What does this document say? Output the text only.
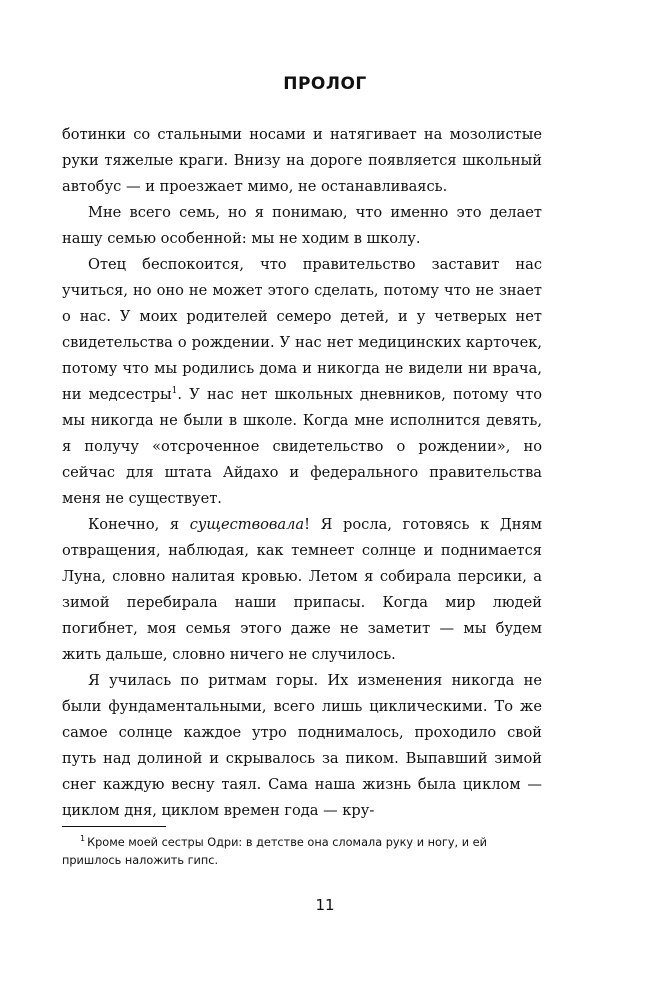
ПРОЛОГ

ботинки со стальными носами и натягивает на мозолистые руки тяжелые краги. Внизу на дороге появляется школьный автобус — и проезжает мимо, не останавливаясь.

Мне всего семь, но я понимаю, что именно это делает нашу семью особенной: мы не ходим в школу.

Отец беспокоится, что правительство заставит нас учиться, но оно не может этого сделать, потому что не знает о нас. У моих родителей семеро детей, и у четверых нет свидетельства о рождении. У нас нет медицинских карточек, потому что мы родились дома и никогда не видели ни врача, ни медсестры$^1$. У нас нет школьных дневников, потому что мы никогда не были в школе. Когда мне исполнится девять, я получу «отсроченное свидетельство о рождении», но сейчас для штата Айдахо и федерального правительства меня не существует.

Конечно, я существовала! Я росла, готовясь к Дням отвращения, наблюдая, как темнеет солнце и поднимается Луна, словно налитая кровью. Летом я собирала персики, а зимой перебирала наши припасы. Когда мир людей погибнет, моя семья этого даже не заметит — мы будем жить дальше, словно ничего не случилось.

Я училась по ритмам горы. Их изменения никогда не были фундаментальными, всего лишь циклическими. То же самое солнце каждое утро поднималось, проходило свой путь над долиной и скрывалось за пиком. Выпавший зимой снег каждую весну таял. Сама наша жизнь была циклом — циклом дня, циклом времен года — кру-

$^1$ Кроме моей сестры Одри: в детстве она сломала руку и ногу, и ей пришлось наложить гипс.
11
